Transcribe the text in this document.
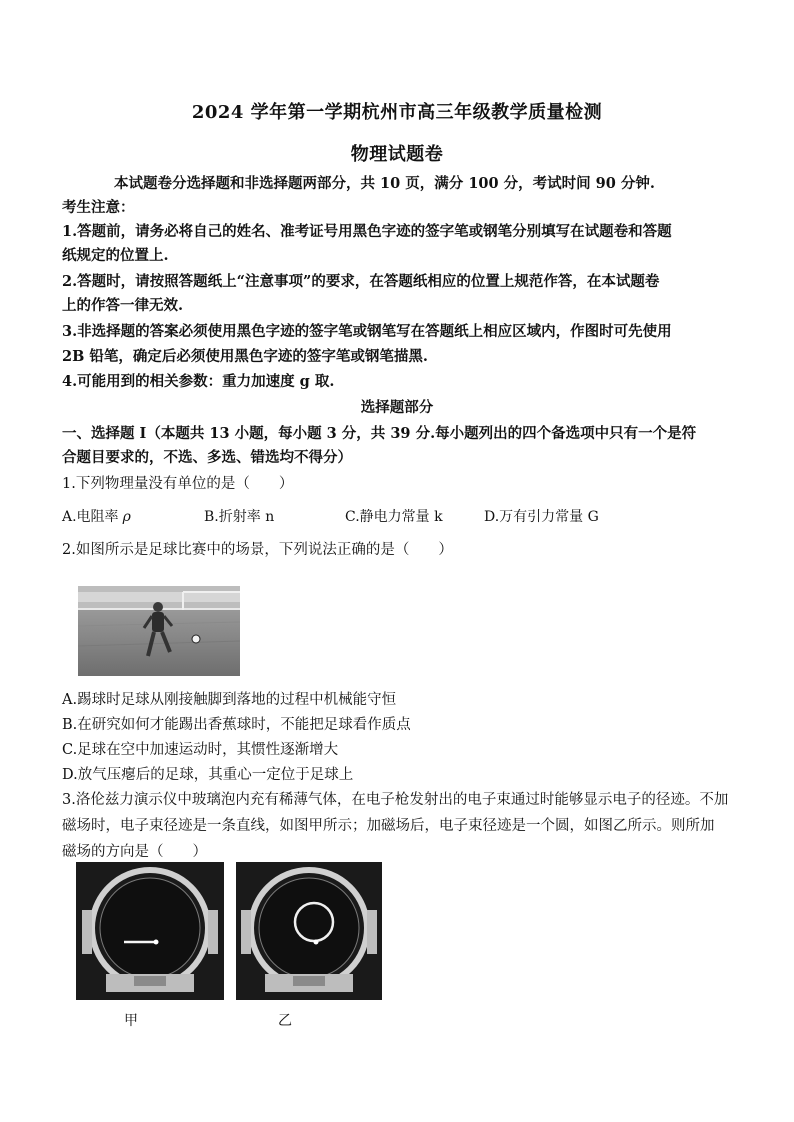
2024 学年第一学期杭州市高三年级教学质量检测
物理试题卷
本试题卷分选择题和非选择题两部分，共 10 页，满分 100 分，考试时间 90 分钟.
考生注意：
1.答题前，请务必将自己的姓名、准考证号用黑色字迹的签字笔或钢笔分别填写在试题卷和答题
纸规定的位置上.
2.答题时，请按照答题纸上“注意事项”的要求，在答题纸相应的位置上规范作答，在本试题卷
上的作答一律无效.
3.非选择题的答案必须使用黑色字迹的签字笔或钢笔写在答题纸上相应区域内，作图时可先使用
2B 铅笔，确定后必须使用黑色字迹的签字笔或钢笔描黑.
4.可能用到的相关参数：重力加速度 g 取.
选择题部分
一、选择题 I（本题共 13 小题，每小题 3 分，共 39 分.每小题列出的四个备选项中只有一个是符
合题目要求的，不选、多选、错选均不得分）
1.下列物理量没有单位的是（　　）
A.电阻率 ρ	B.折射率 n	C.静电力常量 k	D.万有引力常量 G
2.如图所示是足球比赛中的场景，下列说法正确的是（　　）
A.踢球时足球从刚接触脚到落地的过程中机械能守恒
B.在研究如何才能踢出香蕉球时，不能把足球看作质点
C.足球在空中加速运动时，其惯性逐渐增大
D.放气压瘪后的足球，其重心一定位于足球上
3.洛伦兹力演示仪中玻璃泡内充有稀薄气体，在电子枪发射出的电子束通过时能够显示电子的径迹。不加
磁场时，电子束径迹是一条直线，如图甲所示；加磁场后，电子束径迹是一个圆，如图乙所示。则所加
磁场的方向是（　　）
甲	乙
